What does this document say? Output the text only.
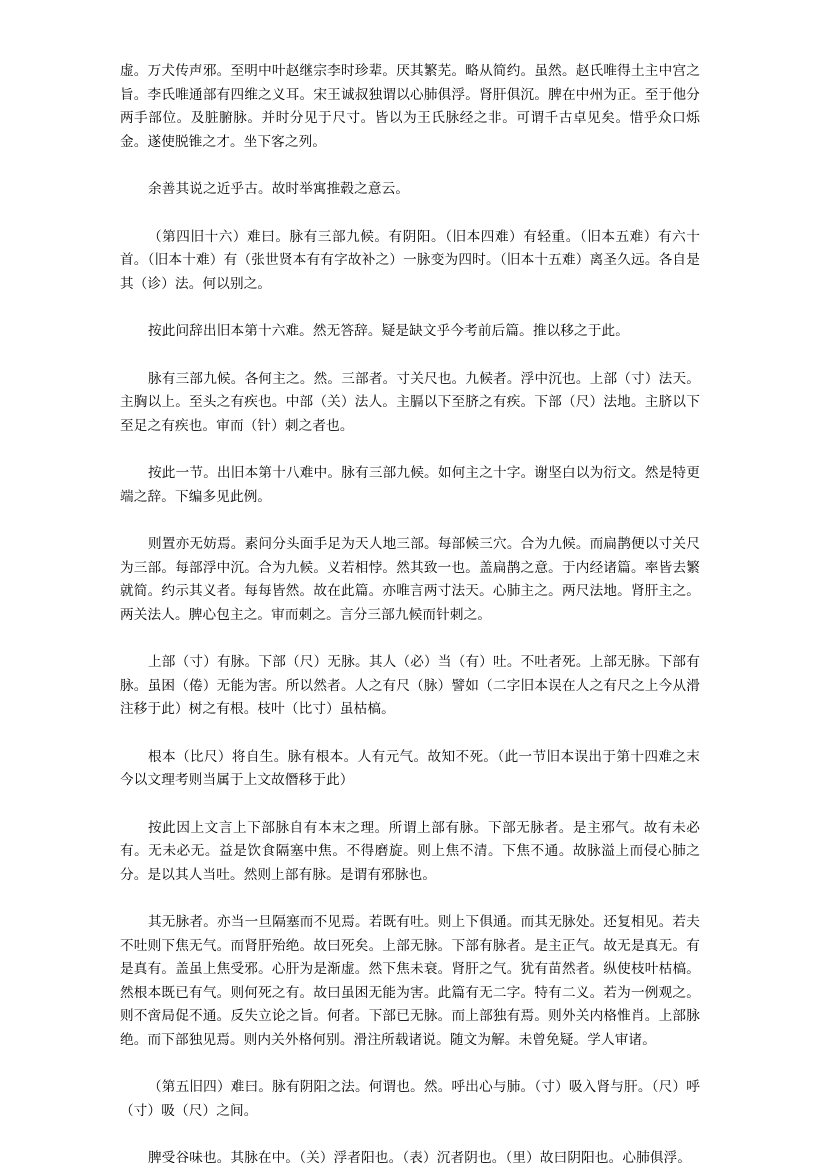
虚。万犬传声邪。至明中叶赵继宗李时珍辈。厌其繁芜。略从简约。虽然。赵氏唯得土主中宫之旨。李氏唯通部有四维之义耳。宋王诚叔独谓以心肺俱浮。肾肝俱沉。脾在中州为正。至于他分两手部位。及脏腑脉。并时分见于尺寸。皆以为王氏脉经之非。可谓千古卓见矣。惜乎众口烁金。遂使脱锥之才。坐下客之列。

余善其说之近乎古。故时举寓推毂之意云。

（第四旧十六）难曰。脉有三部九候。有阴阳。（旧本四难）有轻重。（旧本五难）有六十首。（旧本十难）有（张世贤本有有字故补之）一脉变为四时。（旧本十五难）离圣久远。各自是其（诊）法。何以别之。

按此问辞出旧本第十六难。然无答辞。疑是缺文乎今考前后篇。推以移之于此。

脉有三部九候。各何主之。然。三部者。寸关尺也。九候者。浮中沉也。上部（寸）法天。主胸以上。至头之有疾也。中部（关）法人。主膈以下至脐之有疾。下部（尺）法地。主脐以下至足之有疾也。审而（针）刺之者也。

按此一节。出旧本第十八难中。脉有三部九候。如何主之十字。谢坚白以为衍文。然是特更端之辞。下编多见此例。

则置亦无妨焉。素问分头面手足为天人地三部。每部候三穴。合为九候。而扁鹊便以寸关尺为三部。每部浮中沉。合为九候。义若相悖。然其致一也。盖扁鹊之意。于内经诸篇。率皆去繁就简。约示其义者。每每皆然。故在此篇。亦唯言两寸法天。心肺主之。两尺法地。肾肝主之。两关法人。脾心包主之。审而刺之。言分三部九候而针刺之。

上部（寸）有脉。下部（尺）无脉。其人（必）当（有）吐。不吐者死。上部无脉。下部有脉。虽困（倦）无能为害。所以然者。人之有尺（脉）譬如（二字旧本误在人之有尺之上今从滑注移于此）树之有根。枝叶（比寸）虽枯槁。

根本（比尺）将自生。脉有根本。人有元气。故知不死。（此一节旧本误出于第十四难之末今以文理考则当属于上文故僭移于此）

按此因上文言上下部脉自有本末之理。所谓上部有脉。下部无脉者。是主邪气。故有未必有。无未必无。益是饮食隔塞中焦。不得磨旋。则上焦不清。下焦不通。故脉溢上而侵心肺之分。是以其人当吐。然则上部有脉。是谓有邪脉也。

其无脉者。亦当一旦隔塞而不见焉。若既有吐。则上下俱通。而其无脉处。还复相见。若夫不吐则下焦无气。而肾肝殆绝。故曰死矣。上部无脉。下部有脉者。是主正气。故无是真无。有是真有。盖虽上焦受邪。心肝为是渐虚。然下焦未衰。肾肝之气。犹有苗然者。纵使枝叶枯槁。然根本既已有气。则何死之有。故曰虽困无能为害。此篇有无二字。特有二义。若为一例观之。则不啻局促不通。反失立论之旨。何者。下部已无脉。而上部独有焉。则外关内格惟肖。上部脉绝。而下部独见焉。则内关外格何别。滑注所载诸说。随文为解。未曾免疑。学人审诸。

（第五旧四）难曰。脉有阴阳之法。何谓也。然。呼出心与肺。（寸）吸入肾与肝。（尺）呼（寸）吸（尺）之间。

脾受谷味也。其脉在中。（关）浮者阳也。（表）沉者阴也。（里）故曰阴阳也。心肺俱浮。
